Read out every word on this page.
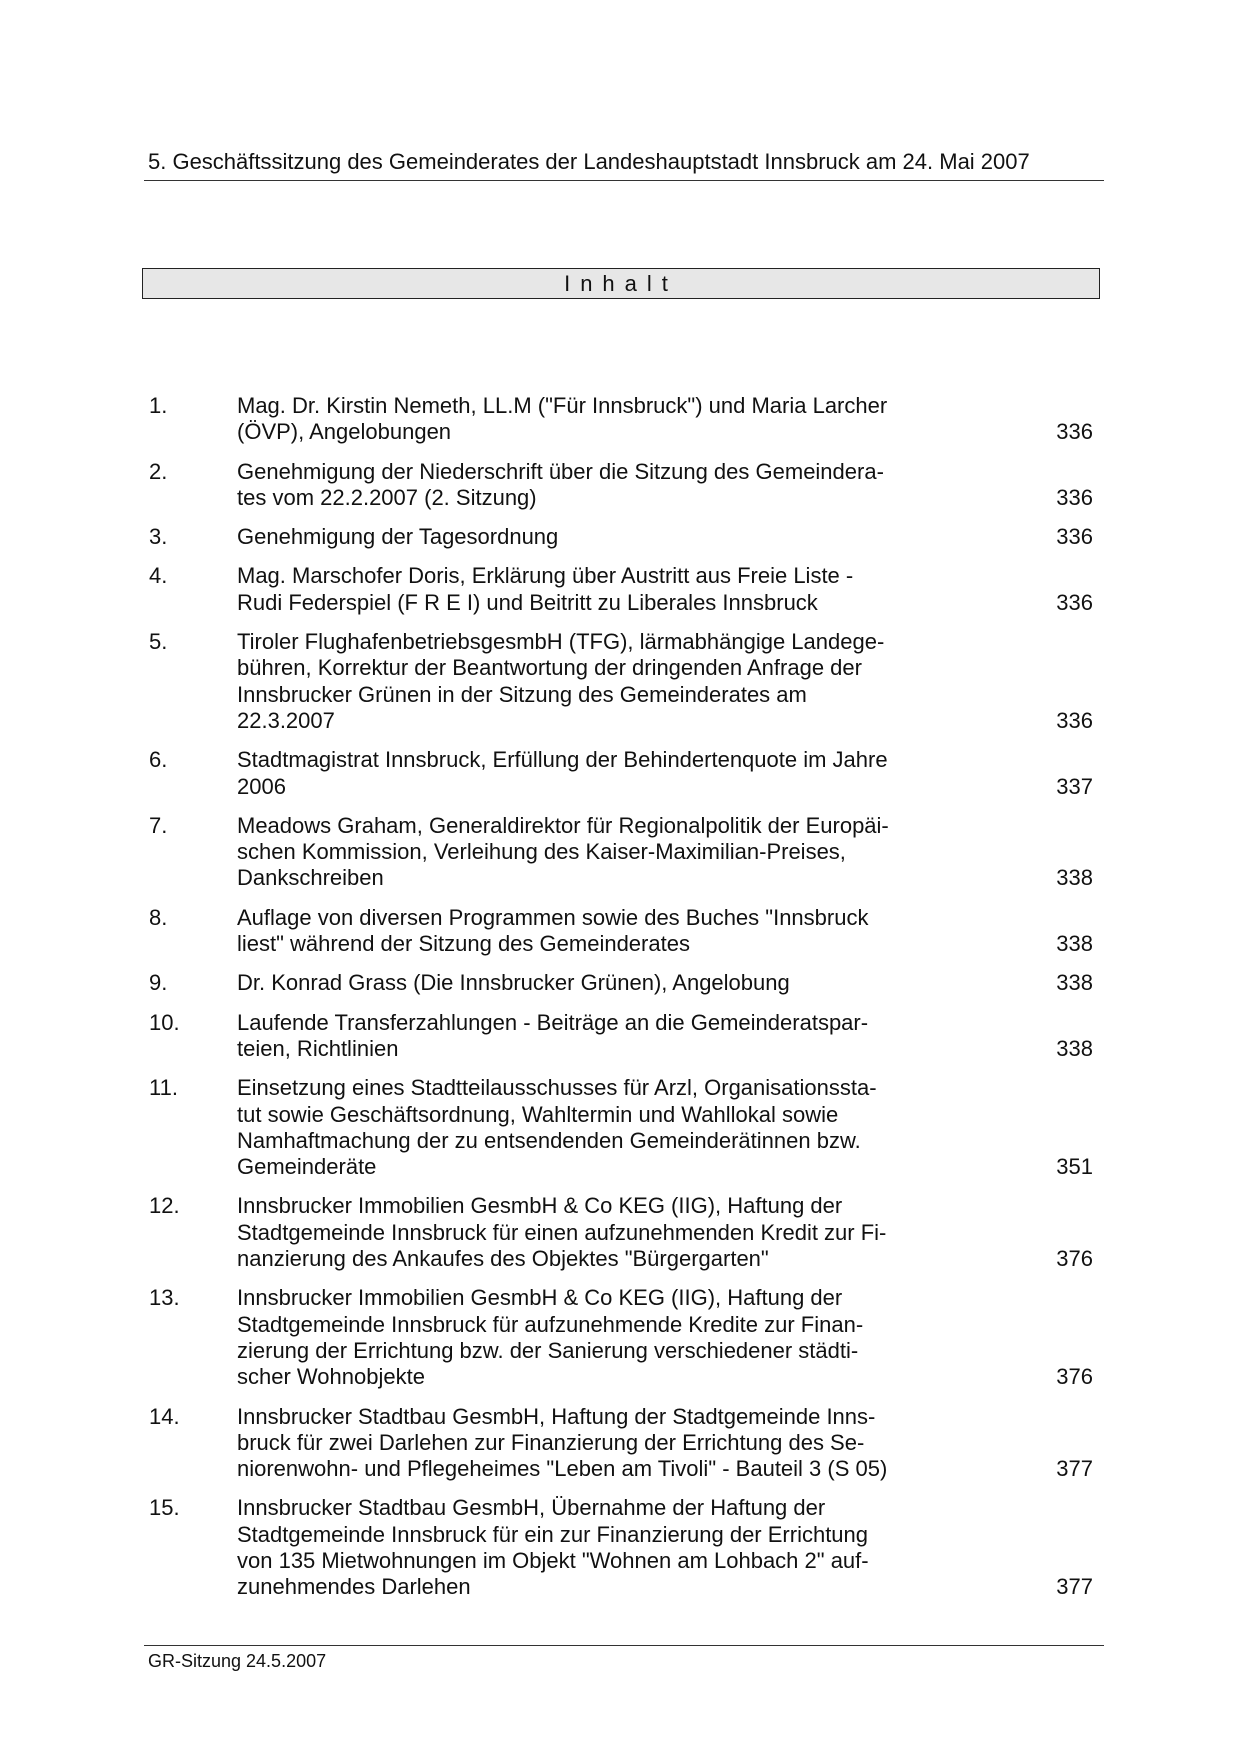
5. Geschäftssitzung des Gemeinderates der Landeshauptstadt Innsbruck am 24. Mai 2007
Inhalt
1.	Mag. Dr. Kirstin Nemeth, LL.M ("Für Innsbruck") und Maria Larcher
(ÖVP), Angelobungen	336
2.	Genehmigung der Niederschrift über die Sitzung des Gemeindera-
tes vom 22.2.2007 (2. Sitzung)	336
3.	Genehmigung der Tagesordnung	336
4.	Mag. Marschofer Doris, Erklärung über Austritt aus Freie Liste -
Rudi Federspiel (F R E I) und Beitritt zu Liberales Innsbruck	336
5.	Tiroler FlughafenbetriebsgesmbH (TFG), lärmabhängige Landege-
bühren, Korrektur der Beantwortung der dringenden Anfrage der
Innsbrucker Grünen in der Sitzung des Gemeinderates am
22.3.2007	336
6.	Stadtmagistrat Innsbruck, Erfüllung der Behindertenquote im Jahre
2006	337
7.	Meadows Graham, Generaldirektor für Regionalpolitik der Europäi-
schen Kommission, Verleihung des Kaiser-Maximilian-Preises,
Dankschreiben	338
8.	Auflage von diversen Programmen sowie des Buches "Innsbruck
liest" während der Sitzung des Gemeinderates	338
9.	Dr. Konrad Grass (Die Innsbrucker Grünen), Angelobung	338
10.	Laufende Transferzahlungen - Beiträge an die Gemeinderatspar-
teien, Richtlinien	338
11.	Einsetzung eines Stadtteilausschusses für Arzl, Organisationssta-
tut sowie Geschäftsordnung, Wahltermin und Wahllokal sowie
Namhaftmachung der zu entsendenden Gemeinderätinnen bzw.
Gemeinderäte	351
12.	Innsbrucker Immobilien GesmbH & Co KEG (IIG), Haftung der
Stadtgemeinde Innsbruck für einen aufzunehmenden Kredit zur Fi-
nanzierung des Ankaufes des Objektes "Bürgergarten"	376
13.	Innsbrucker Immobilien GesmbH & Co KEG (IIG), Haftung der
Stadtgemeinde Innsbruck für aufzunehmende Kredite zur Finan-
zierung der Errichtung bzw. der Sanierung verschiedener städti-
scher Wohnobjekte	376
14.	Innsbrucker Stadtbau GesmbH, Haftung der Stadtgemeinde Inns-
bruck für zwei Darlehen zur Finanzierung der Errichtung des Se-
niorenwohn- und Pflegeheimes "Leben am Tivoli" - Bauteil 3 (S 05)	377
15.	Innsbrucker Stadtbau GesmbH, Übernahme der Haftung der
Stadtgemeinde Innsbruck für ein zur Finanzierung der Errichtung
von 135 Mietwohnungen im Objekt "Wohnen am Lohbach 2" auf-
zunehmendes Darlehen	377
GR-Sitzung 24.5.2007
